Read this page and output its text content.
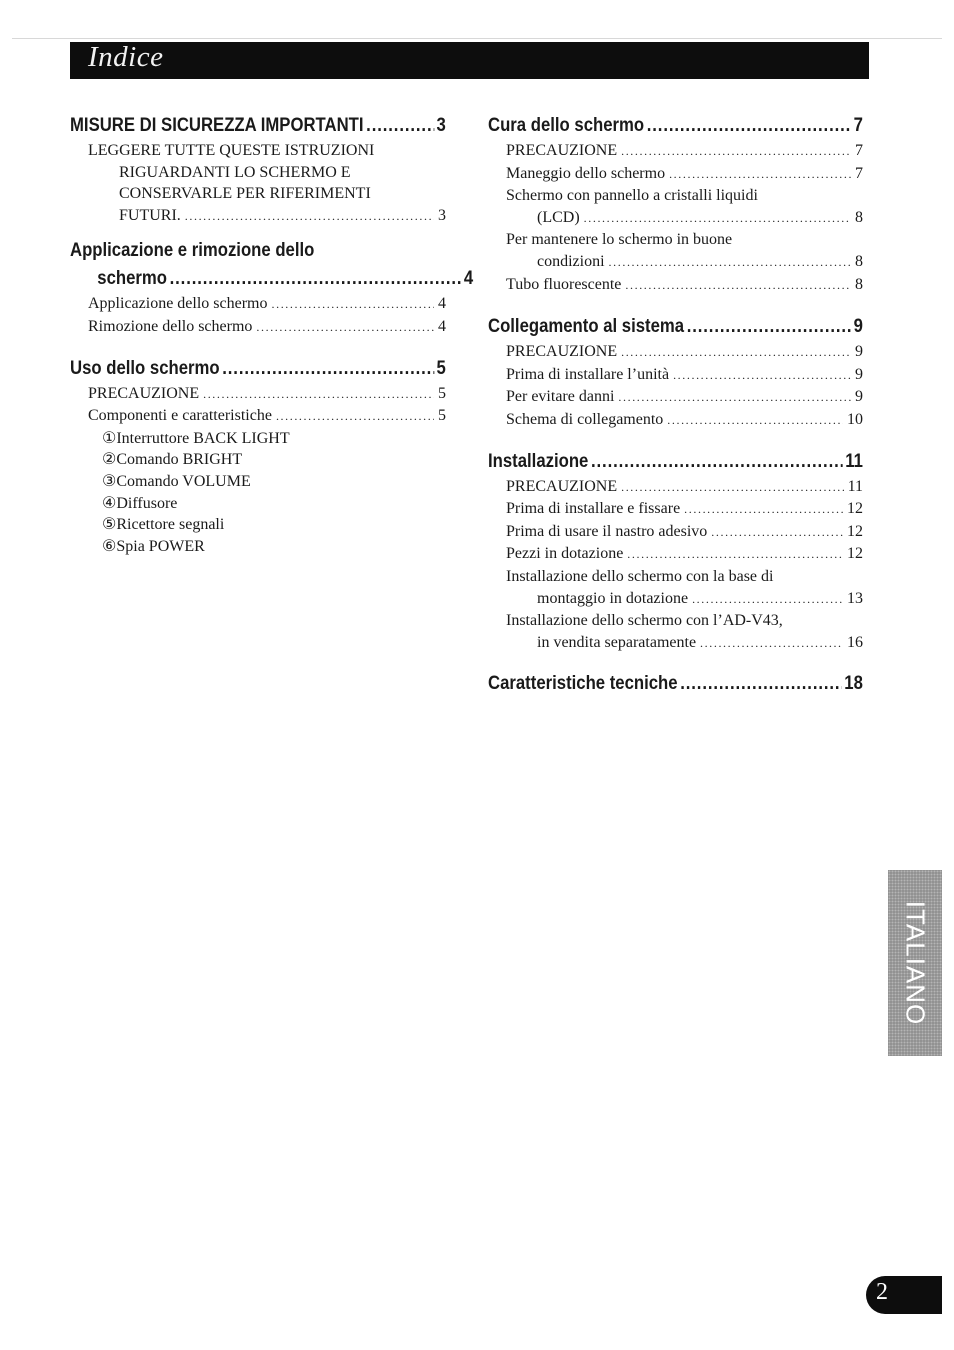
Indice
MISURE DI SICUREZZA IMPORTANTI .....	3
LEGGERE TUTTE QUESTE ISTRUZIONI
RIGUARDANTI LO SCHERMO E
CONSERVARLE PER RIFERIMENTI
FUTURI. .....	3
Applicazione e rimozione dello
schermo .....	4
Applicazione dello schermo .....	4
Rimozione dello schermo .....	4
Uso dello schermo .....	5
PRECAUZIONE .....	5
Componenti e caratteristiche .....	5
①Interruttore BACK LIGHT
②Comando BRIGHT
③Comando VOLUME
④Diffusore
⑤Ricettore segnali
⑥Spia POWER
Cura dello schermo .....	7
PRECAUZIONE .....	7
Maneggio dello schermo .....	7
Schermo con pannello a cristalli liquidi
(LCD) .....	8
Per mantenere lo schermo in buone
condizioni .....	8
Tubo fluorescente .....	8
Collegamento al sistema .....	9
PRECAUZIONE .....	9
Prima di installare l’unità .....	9
Per evitare danni .....	9
Schema di collegamento .....	10
Installazione .....	11
PRECAUZIONE .....	11
Prima di installare e fissare .....	12
Prima di usare il nastro adesivo .....	12
Pezzi in dotazione .....	12
Installazione dello schermo con la base di
montaggio in dotazione .....	13
Installazione dello schermo con l’AD-V43,
in vendita separatamente .....	16
Caratteristiche tecniche .....	18
ITALIANO
2
